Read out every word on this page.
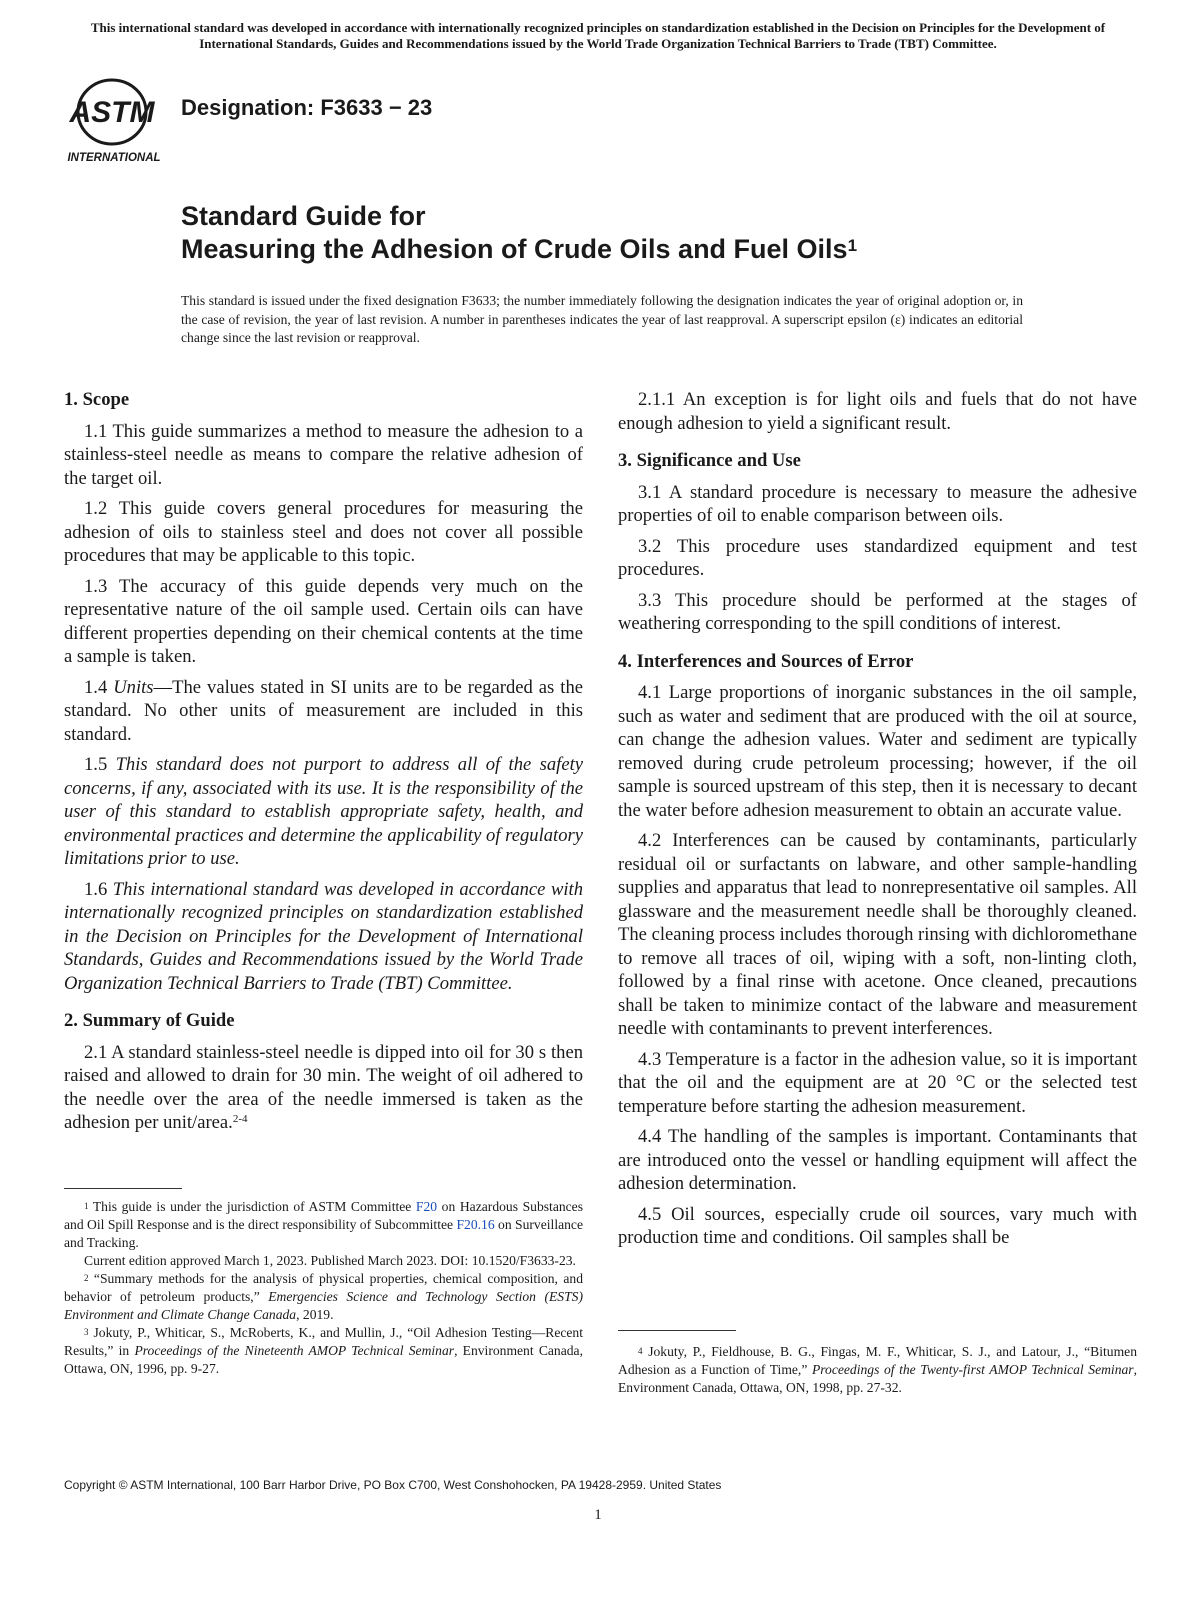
This international standard was developed in accordance with internationally recognized principles on standardization established in the Decision on Principles for the Development of International Standards, Guides and Recommendations issued by the World Trade Organization Technical Barriers to Trade (TBT) Committee.
ASTM
INTERNATIONAL
Designation: F3633 − 23
Standard Guide for
Measuring the Adhesion of Crude Oils and Fuel Oils$^1$
This standard is issued under the fixed designation F3633; the number immediately following the designation indicates the year of original adoption or, in the case of revision, the year of last revision. A number in parentheses indicates the year of last reapproval. A superscript epsilon (ε) indicates an editorial change since the last revision or reapproval.
1. Scope

1.1 This guide summarizes a method to measure the adhesion to a stainless-steel needle as means to compare the relative adhesion of the target oil.

1.2 This guide covers general procedures for measuring the adhesion of oils to stainless steel and does not cover all possible procedures that may be applicable to this topic.

1.3 The accuracy of this guide depends very much on the representative nature of the oil sample used. Certain oils can have different properties depending on their chemical contents at the time a sample is taken.

1.4 Units—The values stated in SI units are to be regarded as the standard. No other units of measurement are included in this standard.

1.5 This standard does not purport to address all of the safety concerns, if any, associated with its use. It is the responsibility of the user of this standard to establish appropriate safety, health, and environmental practices and determine the applicability of regulatory limitations prior to use.

1.6 This international standard was developed in accordance with internationally recognized principles on standardization established in the Decision on Principles for the Development of International Standards, Guides and Recommendations issued by the World Trade Organization Technical Barriers to Trade (TBT) Committee.

2. Summary of Guide

2.1 A standard stainless-steel needle is dipped into oil for 30 s then raised and allowed to drain for 30 min. The weight of oil adhered to the needle over the area of the needle immersed is taken as the adhesion per unit/area.$^{2-4}$

2.1.1 An exception is for light oils and fuels that do not have enough adhesion to yield a significant result.

3. Significance and Use

3.1 A standard procedure is necessary to measure the adhesive properties of oil to enable comparison between oils.

3.2 This procedure uses standardized equipment and test procedures.

3.3 This procedure should be performed at the stages of weathering corresponding to the spill conditions of interest.

4. Interferences and Sources of Error

4.1 Large proportions of inorganic substances in the oil sample, such as water and sediment that are produced with the oil at source, can change the adhesion values. Water and sediment are typically removed during crude petroleum processing; however, if the oil sample is sourced upstream of this step, then it is necessary to decant the water before adhesion measurement to obtain an accurate value.

4.2 Interferences can be caused by contaminants, particularly residual oil or surfactants on labware, and other sample-handling supplies and apparatus that lead to nonrepresentative oil samples. All glassware and the measurement needle shall be thoroughly cleaned. The cleaning process includes thorough rinsing with dichloromethane to remove all traces of oil, wiping with a soft, non-linting cloth, followed by a final rinse with acetone. Once cleaned, precautions shall be taken to minimize contact of the labware and measurement needle with contaminants to prevent interferences.

4.3 Temperature is a factor in the adhesion value, so it is important that the oil and the equipment are at 20 °C or the selected test temperature before starting the adhesion measurement.

4.4 The handling of the samples is important. Contaminants that are introduced onto the vessel or handling equipment will affect the adhesion determination.

4.5 Oil sources, especially crude oil sources, vary much with production time and conditions. Oil samples shall be

$^1$ This guide is under the jurisdiction of ASTM Committee F20 on Hazardous Substances and Oil Spill Response and is the direct responsibility of Subcommittee F20.16 on Surveillance and Tracking.

Current edition approved March 1, 2023. Published March 2023. DOI: 10.1520/F3633-23.

$^2$ “Summary methods for the analysis of physical properties, chemical composition, and behavior of petroleum products,” Emergencies Science and Technology Section (ESTS) Environment and Climate Change Canada, 2019.

$^3$ Jokuty, P., Whiticar, S., McRoberts, K., and Mullin, J., “Oil Adhesion Testing—Recent Results,” in Proceedings of the Nineteenth AMOP Technical Seminar, Environment Canada, Ottawa, ON, 1996, pp. 9-27.

$^4$ Jokuty, P., Fieldhouse, B. G., Fingas, M. F., Whiticar, S. J., and Latour, J., “Bitumen Adhesion as a Function of Time,” Proceedings of the Twenty-first AMOP Technical Seminar, Environment Canada, Ottawa, ON, 1998, pp. 27-32.

Copyright © ASTM International, 100 Barr Harbor Drive, PO Box C700, West Conshohocken, PA 19428-2959. United States
1
